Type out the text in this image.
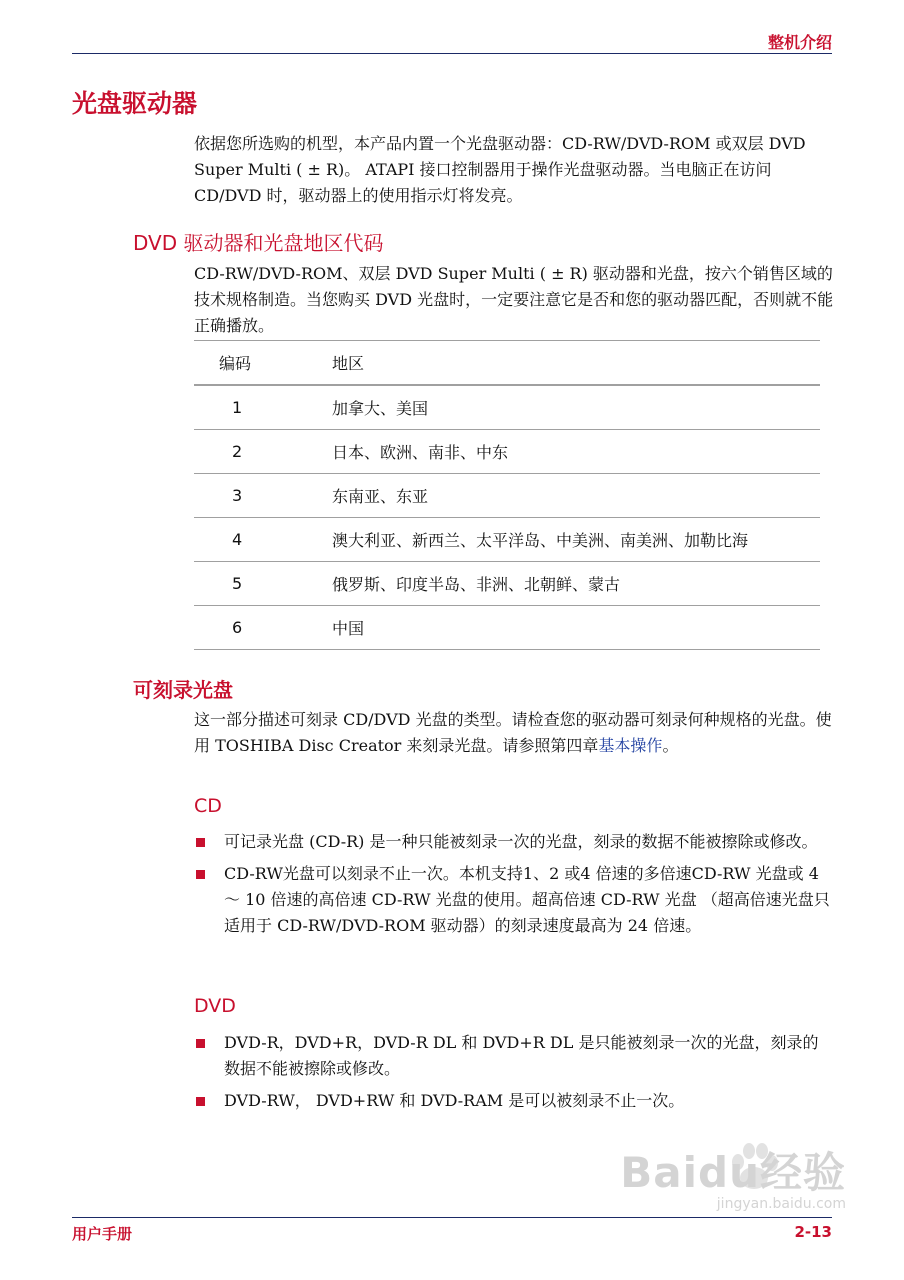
整机介绍
光盘驱动器

依据您所选购的机型，本产品内置一个光盘驱动器：CD-RW/DVD-ROM 或双层 DVD Super Multi ( ± R)。 ATAPI 接口控制器用于操作光盘驱动器。当电脑正在访问 CD/DVD 时，驱动器上的使用指示灯将发亮。

DVD 驱动器和光盘地区代码

CD-RW/DVD-ROM、双层 DVD Super Multi ( ± R) 驱动器和光盘，按六个销售区域的技术规格制造。当您购买 DVD 光盘时，一定要注意它是否和您的驱动器匹配，否则就不能正确播放。

编码	地区
1	加拿大、美国
2	日本、欧洲、南非、中东
3	东南亚、东亚
4	澳大利亚、新西兰、太平洋岛、中美洲、南美洲、加勒比海
5	俄罗斯、印度半岛、非洲、北朝鲜、蒙古
6	中国
可刻录光盘

这一部分描述可刻录 CD/DVD 光盘的类型。请检查您的驱动器可刻录何种规格的光盘。使用 TOSHIBA Disc Creator 来刻录光盘。请参照第四章基本操作。

CD
可记录光盘 (CD-R) 是一种只能被刻录一次的光盘，刻录的数据不能被擦除或修改。
CD-RW光盘可以刻录不止一次。本机支持1、2 或4 倍速的多倍速CD-RW 光盘或 4 ～ 10 倍速的高倍速 CD-RW 光盘的使用。超高倍速 CD-RW 光盘 （超高倍速光盘只适用于 CD-RW/DVD-ROM 驱动器）的刻录速度最高为 24 倍速。
DVD
DVD-R，DVD+R，DVD-R DL 和 DVD+R DL 是只能被刻录一次的光盘，刻录的数据不能被擦除或修改。
DVD-RW， DVD+RW 和 DVD-RAM 是可以被刻录不止一次。
Baidu经验
jingyan.baidu.com
用户手册	2-13
